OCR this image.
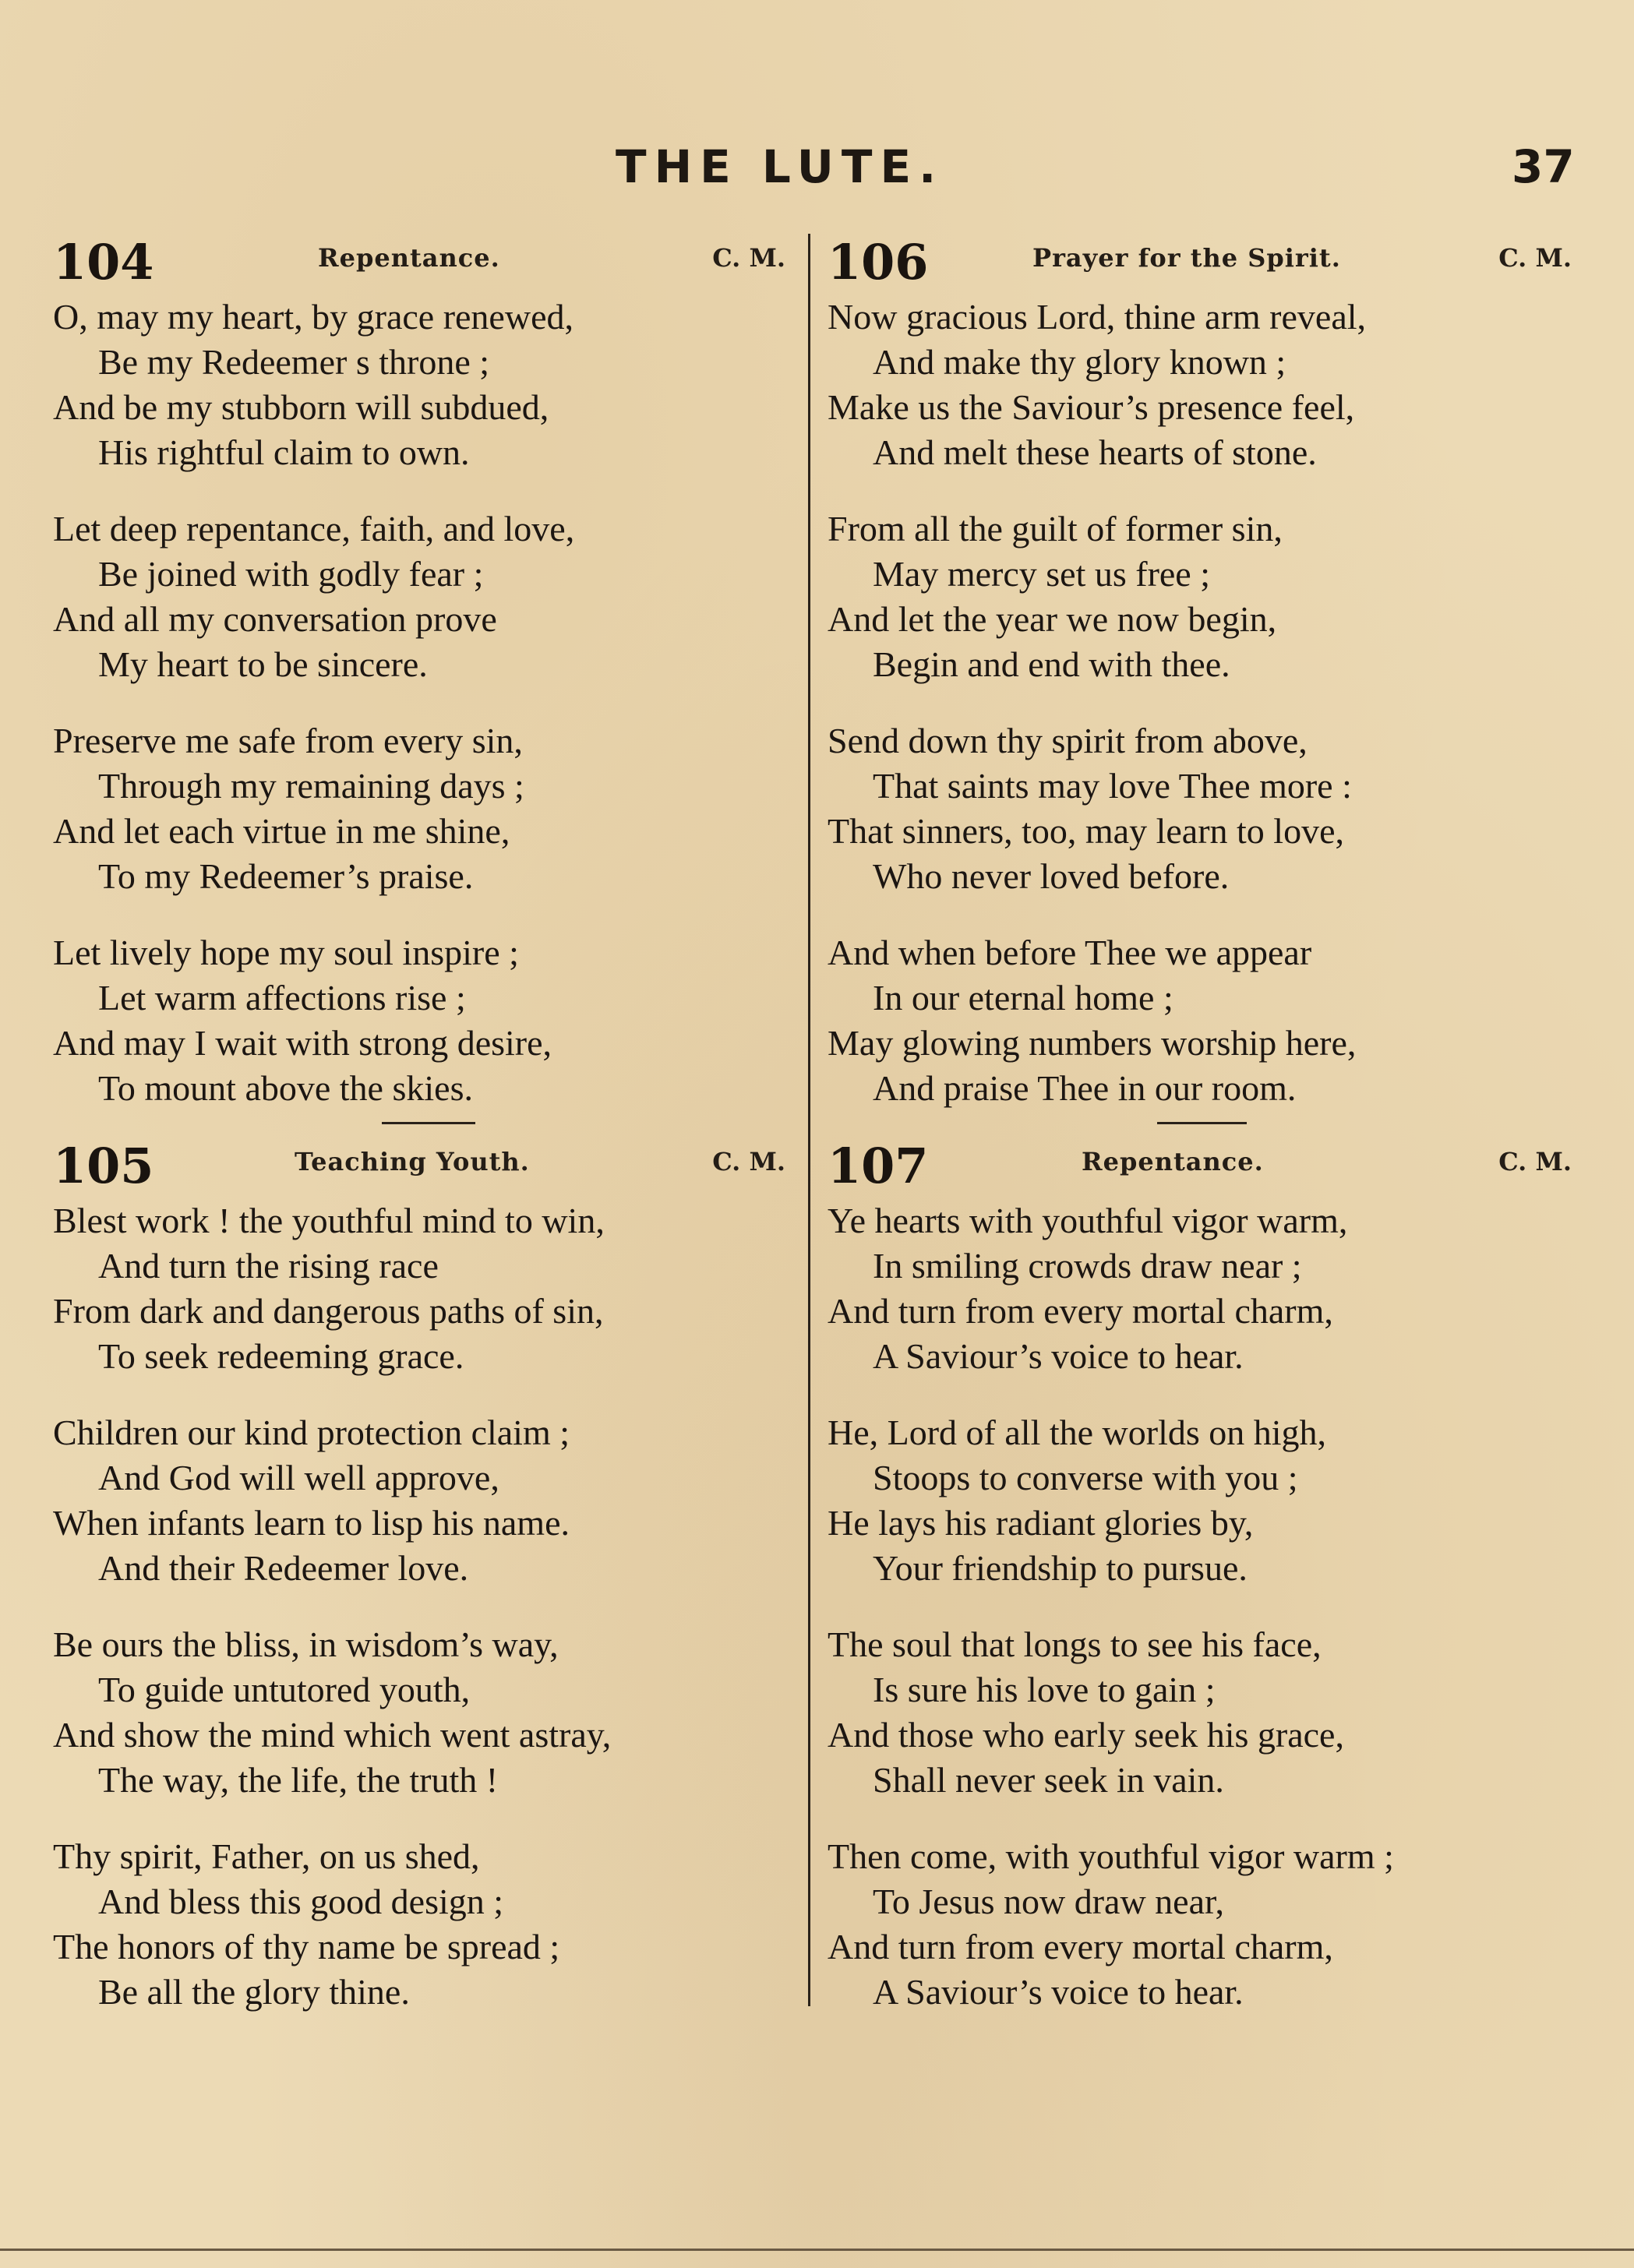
THE LUTE.	37
104	Repentance.	C. M.
O, may my heart, by grace renewed,
Be my Redeemer s throne ;
And be my stubborn will subdued,
His rightful claim to own.
Let deep repentance, faith, and love,
Be joined with godly fear ;
And all my conversation prove
My heart to be sincere.
Preserve me safe from every sin,
Through my remaining days ;
And let each virtue in me shine,
To my Redeemer’s praise.
Let lively hope my soul inspire ;
Let warm affections rise ;
And may I wait with strong desire,
To mount above the skies.
105	Teaching Youth.	C. M.
Blest work ! the youthful mind to win,
And turn the rising race
From dark and dangerous paths of sin,
To seek redeeming grace.
Children our kind protection claim ;
And God will well approve,
When infants learn to lisp his name.
And their Redeemer love.
Be ours the bliss, in wisdom’s way,
To guide untutored youth,
And show the mind which went astray,
The way, the life, the truth !
Thy spirit, Father, on us shed,
And bless this good design ;
The honors of thy name be spread ;
Be all the glory thine.
106	Prayer for the Spirit.	C. M.
Now gracious Lord, thine arm reveal,
And make thy glory known ;
Make us the Saviour’s presence feel,
And melt these hearts of stone.
From all the guilt of former sin,
May mercy set us free ;
And let the year we now begin,
Begin and end with thee.
Send down thy spirit from above,
That saints may love Thee more :
That sinners, too, may learn to love,
Who never loved before.
And when before Thee we appear
In our eternal home ;
May glowing numbers worship here,
And praise Thee in our room.
107	Repentance.	C. M.
Ye hearts with youthful vigor warm,
In smiling crowds draw near ;
And turn from every mortal charm,
A Saviour’s voice to hear.
He, Lord of all the worlds on high,
Stoops to converse with you ;
He lays his radiant glories by,
Your friendship to pursue.
The soul that longs to see his face,
Is sure his love to gain ;
And those who early seek his grace,
Shall never seek in vain.
Then come, with youthful vigor warm ;
To Jesus now draw near,
And turn from every mortal charm,
A Saviour’s voice to hear.
